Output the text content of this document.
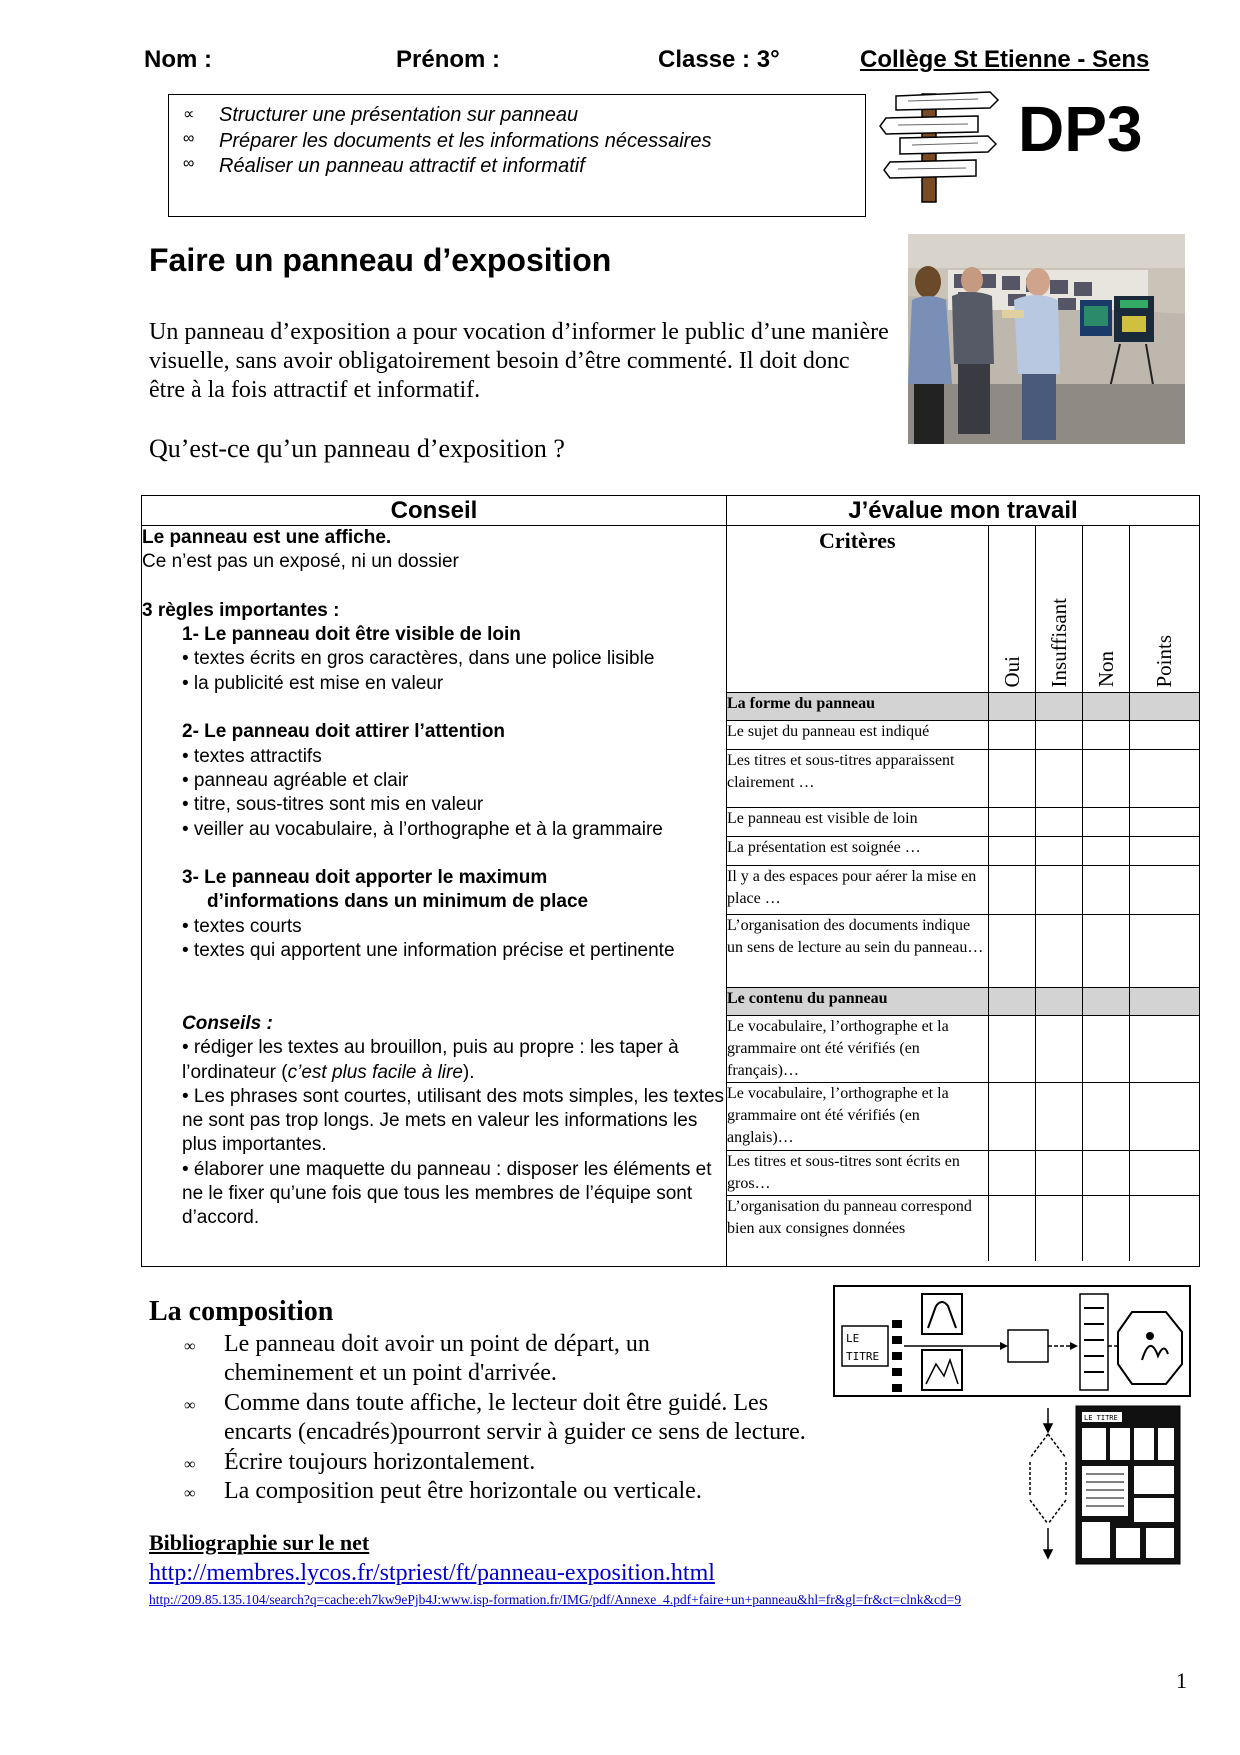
Nom :	Prénom :	Classe : 3°	Collège St Etienne - Sens
∝ Structurer une présentation sur panneau
∞ Préparer les documents et les informations nécessaires
∞ Réaliser un panneau attractif et informatif
DP3
Faire un panneau d’exposition

Un panneau d’exposition a pour vocation d’informer le public d’une manière visuelle, sans avoir obligatoirement besoin d’être commenté. Il doit donc être à la fois attractif et informatif.

Qu’est-ce qu’un panneau d’exposition ?
Conseil	J’évalue mon travail

Le panneau est une affiche.

Ce n’est pas un exposé, ni un dossier

3 règles importantes :

1- Le panneau doit être visible de loin

• textes écrits en gros caractères, dans une police lisible

• la publicité est mise en valeur

2- Le panneau doit attirer l’attention

• textes attractifs

• panneau agréable et clair

• titre, sous-titres sont mis en valeur

• veiller au vocabulaire, à l’orthographe et à la grammaire

3- Le panneau doit apporter le maximum

d’informations dans un minimum de place

• textes courts

• textes qui apportent une information précise et pertinente

Conseils :

• rédiger les textes au brouillon, puis au propre : les taper à l’ordinateur (c’est plus facile à lire).

• Les phrases sont courtes, utilisant des mots simples, les textes ne sont pas trop longs. Je mets en valeur les informations les plus importantes.

• élaborer une maquette du panneau : disposer les éléments et ne le fixer qu’une fois que tous les membres de l’équipe sont d’accord.

Critères	
Oui	Insuffisant	Non	Points

La forme du panneau				
Le sujet du panneau est indiqué				
Les titres et sous-titres apparaissent clairement …				
Le panneau est visible de loin				
La présentation est soignée …				
Il y a des espaces pour aérer la mise en place …				
L’organisation des documents indique un sens de lecture au sein du panneau…				
Le contenu du panneau				
Le vocabulaire, l’orthographe et la grammaire ont été vérifiés (en français)…				
Le vocabulaire, l’orthographe et la grammaire ont été vérifiés (en anglais)…				
Les titres et sous-titres sont écrits en gros…				
L’organisation du panneau correspond bien aux consignes données				
La composition
∞ Le panneau doit avoir un point de départ, un
cheminement et un point d'arrivée.
∞ Comme dans toute affiche, le lecteur doit être guidé. Les
encarts (encadrés)pourront servir à guider ce sens de lecture.
∞ Écrire toujours horizontalement.
∞ La composition peut être horizontale ou verticale.
LE
TITRE
LE TITRE
Bibliographie sur le net
http://membres.lycos.fr/stpriest/ft/panneau-exposition.html
http://209.85.135.104/search?q=cache:eh7kw9ePjb4J:www.isp-formation.fr/IMG/pdf/Annexe_4.pdf+faire+un+panneau&hl=fr&gl=fr&ct=clnk&cd=9
1
